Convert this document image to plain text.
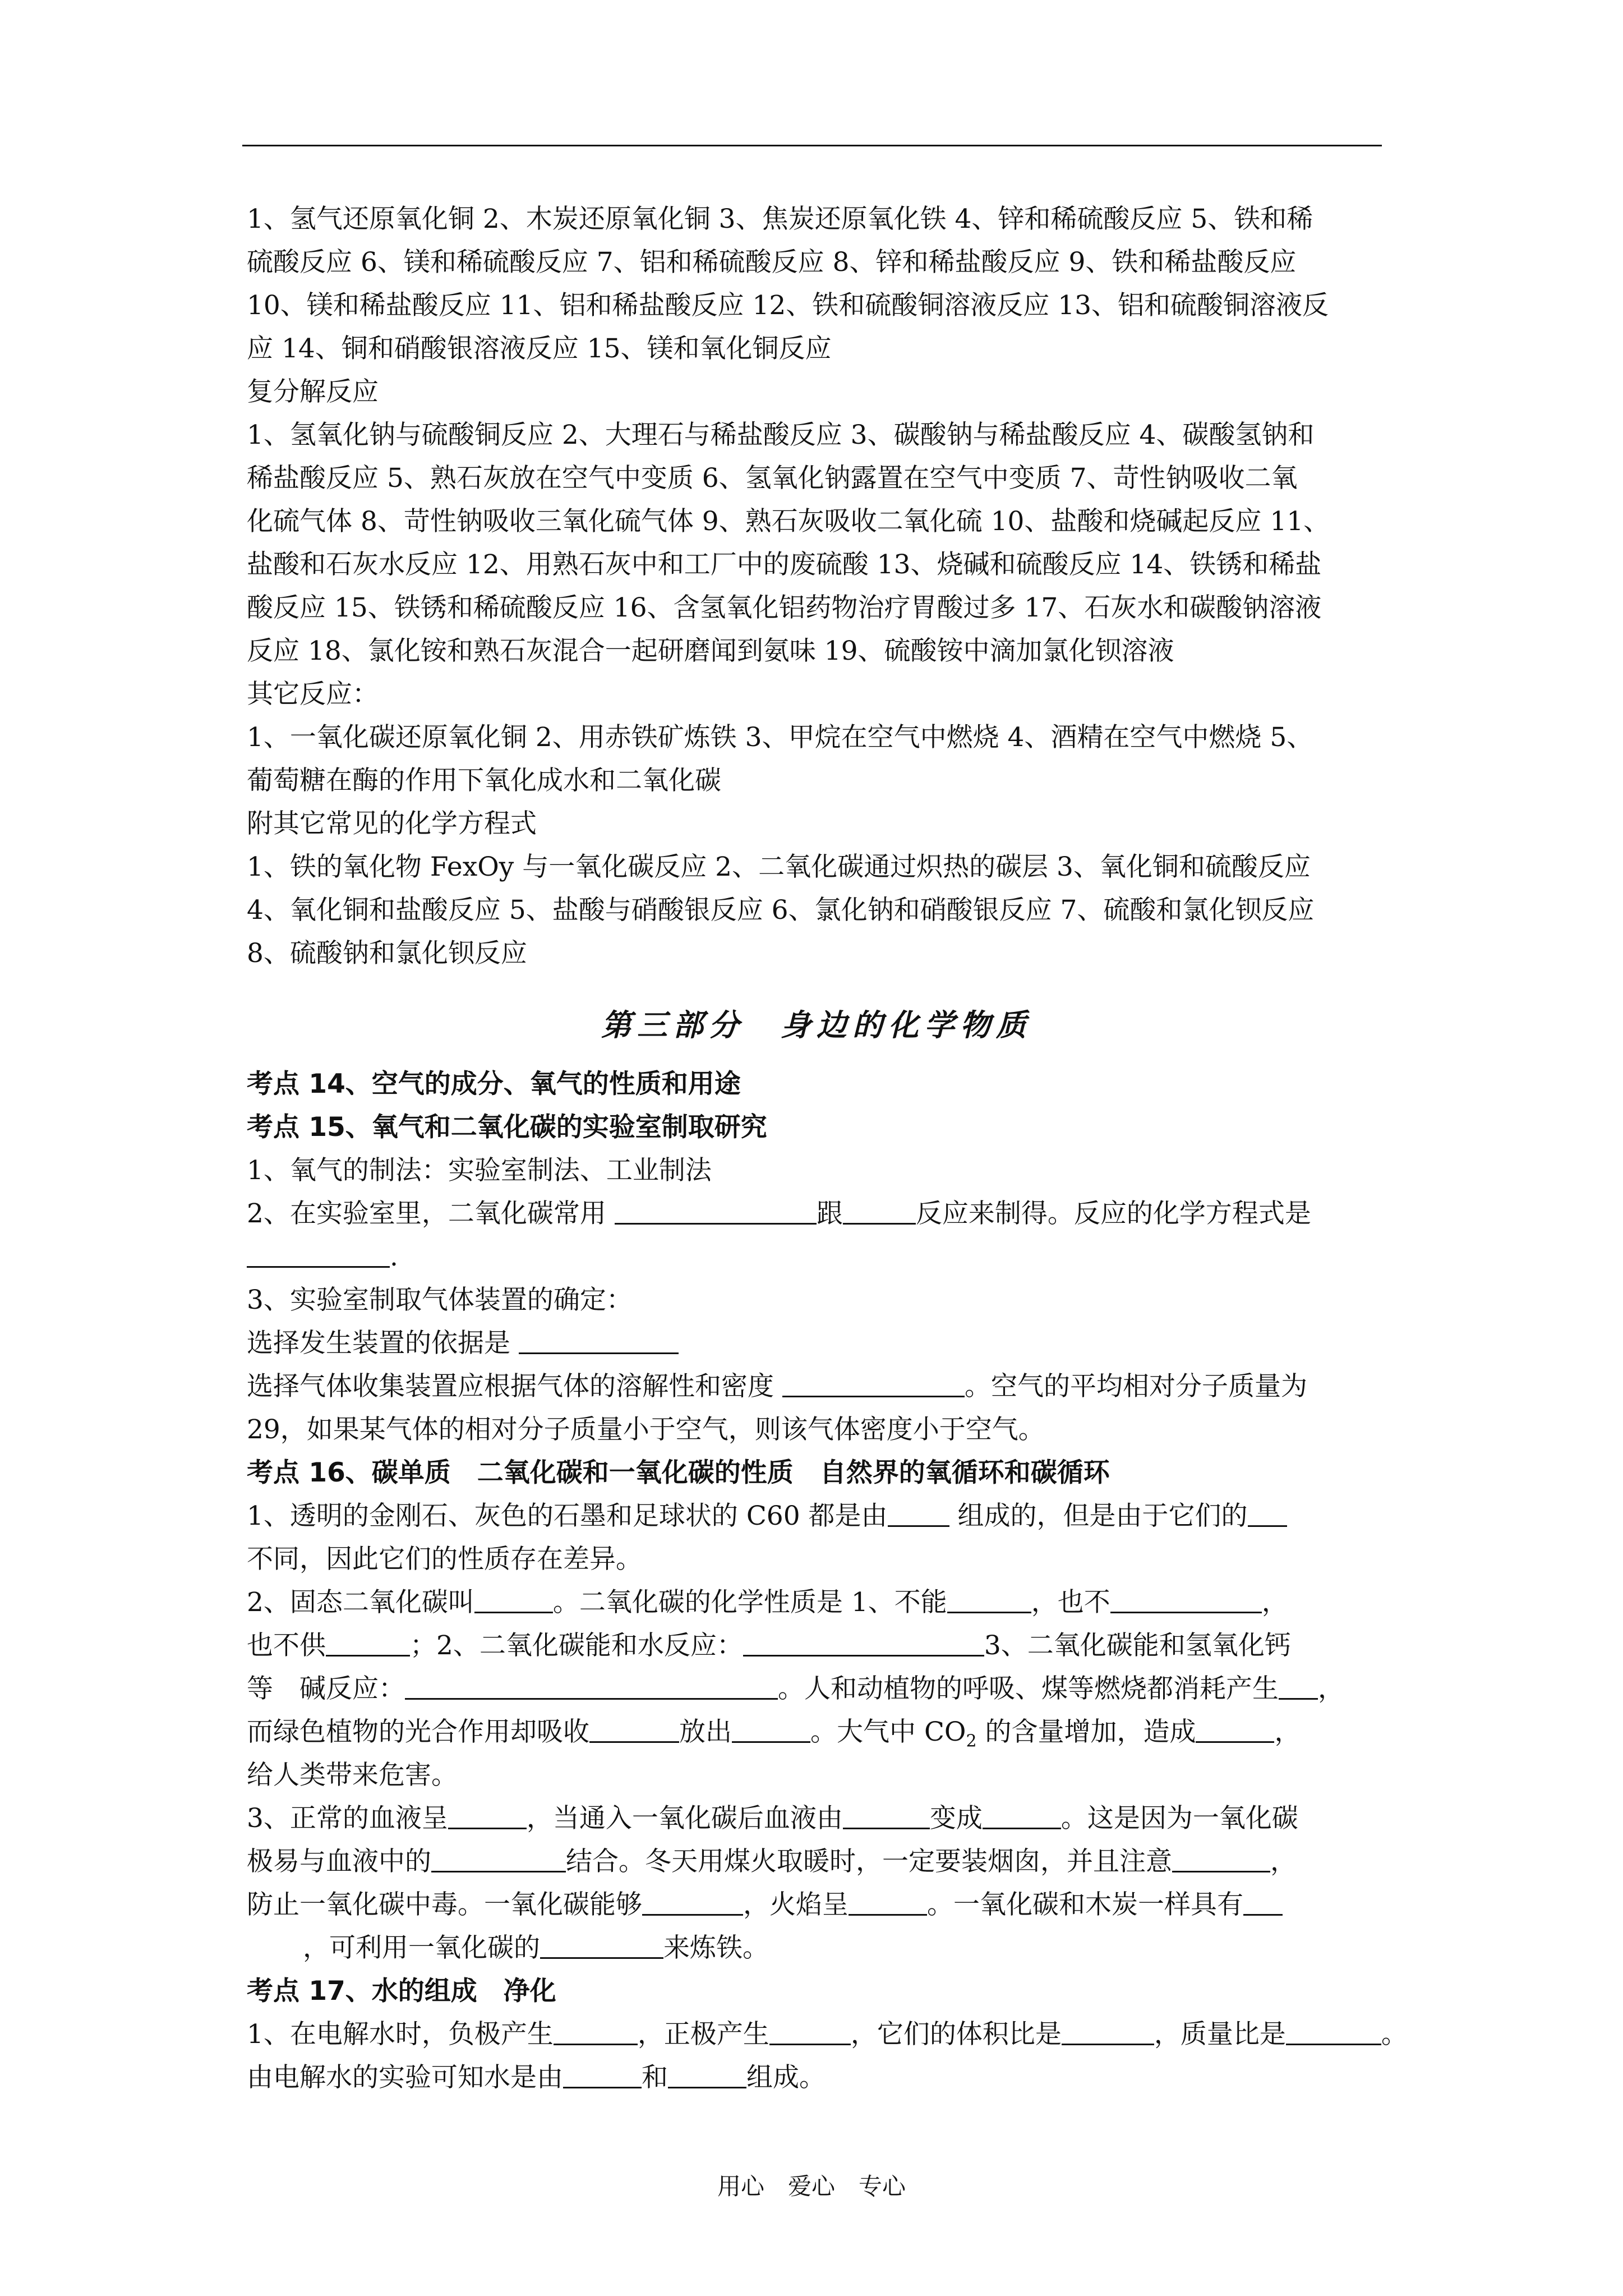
1、氢气还原氧化铜 2、木炭还原氧化铜 3、焦炭还原氧化铁 4、锌和稀硫酸反应 5、铁和稀
硫酸反应 6、镁和稀硫酸反应 7、铝和稀硫酸反应 8、锌和稀盐酸反应 9、铁和稀盐酸反应
10、镁和稀盐酸反应 11、铝和稀盐酸反应 12、铁和硫酸铜溶液反应 13、铝和硫酸铜溶液反
应 14、铜和硝酸银溶液反应 15、镁和氧化铜反应
复分解反应
1、氢氧化钠与硫酸铜反应 2、大理石与稀盐酸反应 3、碳酸钠与稀盐酸反应 4、碳酸氢钠和
稀盐酸反应 5、熟石灰放在空气中变质 6、氢氧化钠露置在空气中变质 7、苛性钠吸收二氧
化硫气体 8、苛性钠吸收三氧化硫气体 9、熟石灰吸收二氧化硫 10、盐酸和烧碱起反应 11、
盐酸和石灰水反应 12、用熟石灰中和工厂中的废硫酸 13、烧碱和硫酸反应 14、铁锈和稀盐
酸反应 15、铁锈和稀硫酸反应 16、含氢氧化铝药物治疗胃酸过多 17、石灰水和碳酸钠溶液
反应 18、氯化铵和熟石灰混合一起研磨闻到氨味 19、硫酸铵中滴加氯化钡溶液
其它反应：
1、一氧化碳还原氧化铜 2、用赤铁矿炼铁 3、甲烷在空气中燃烧 4、酒精在空气中燃烧 5、
葡萄糖在酶的作用下氧化成水和二氧化碳
附其它常见的化学方程式
1、铁的氧化物 FexOy 与一氧化碳反应 2、二氧化碳通过炽热的碳层 3、氧化铜和硫酸反应
4、氧化铜和盐酸反应 5、盐酸与硝酸银反应 6、氯化钠和硝酸银反应 7、硫酸和氯化钡反应
8、硫酸钠和氯化钡反应
第三部分　身边的化学物质
考点 14、空气的成分、氧气的性质和用途
考点 15、氧气和二氧化碳的实验室制取研究
1、氧气的制法：实验室制法、工业制法
2、在实验室里，二氧化碳常用	跟	反应来制得。反应的化学方程式是
.
3、实验室制取气体装置的确定：
选择发生装置的依据是
选择气体收集装置应根据气体的溶解性和密度	。空气的平均相对分子质量为
29，如果某气体的相对分子质量小于空气，则该气体密度小于空气。
考点 16、碳单质　二氧化碳和一氧化碳的性质　自然界的氧循环和碳循环
1、透明的金刚石、灰色的石墨和足球状的 C60 都是由	组成的，但是由于它们的
不同，因此它们的性质存在差异。
2、固态二氧化碳叫	。二氧化碳的化学性质是 1、不能	，也不	，
也不供	；2、二氧化碳能和水反应：	3、二氧化碳能和氢氧化钙
等　碱反应：	。人和动植物的呼吸、煤等燃烧都消耗产生 ，
而绿色植物的光合作用却吸收	放出	。大气中 $CO_2$ 的含量增加，造成	，
给人类带来危害。
3、正常的血液呈	，当通入一氧化碳后血液由	变成	。这是因为一氧化碳
极易与血液中的	结合。冬天用煤火取暖时，一定要装烟囱，并且注意	，
防止一氧化碳中毒。一氧化碳能够	，火焰呈	。一氧化碳和木炭一样具有
，可利用一氧化碳的	来炼铁。
考点 17、水的组成　净化
1、在电解水时，负极产生	，正极产生	，它们的体积比是	，质量比是	。
由电解水的实验可知水是由	和	组成。
用心　爱心　专心
